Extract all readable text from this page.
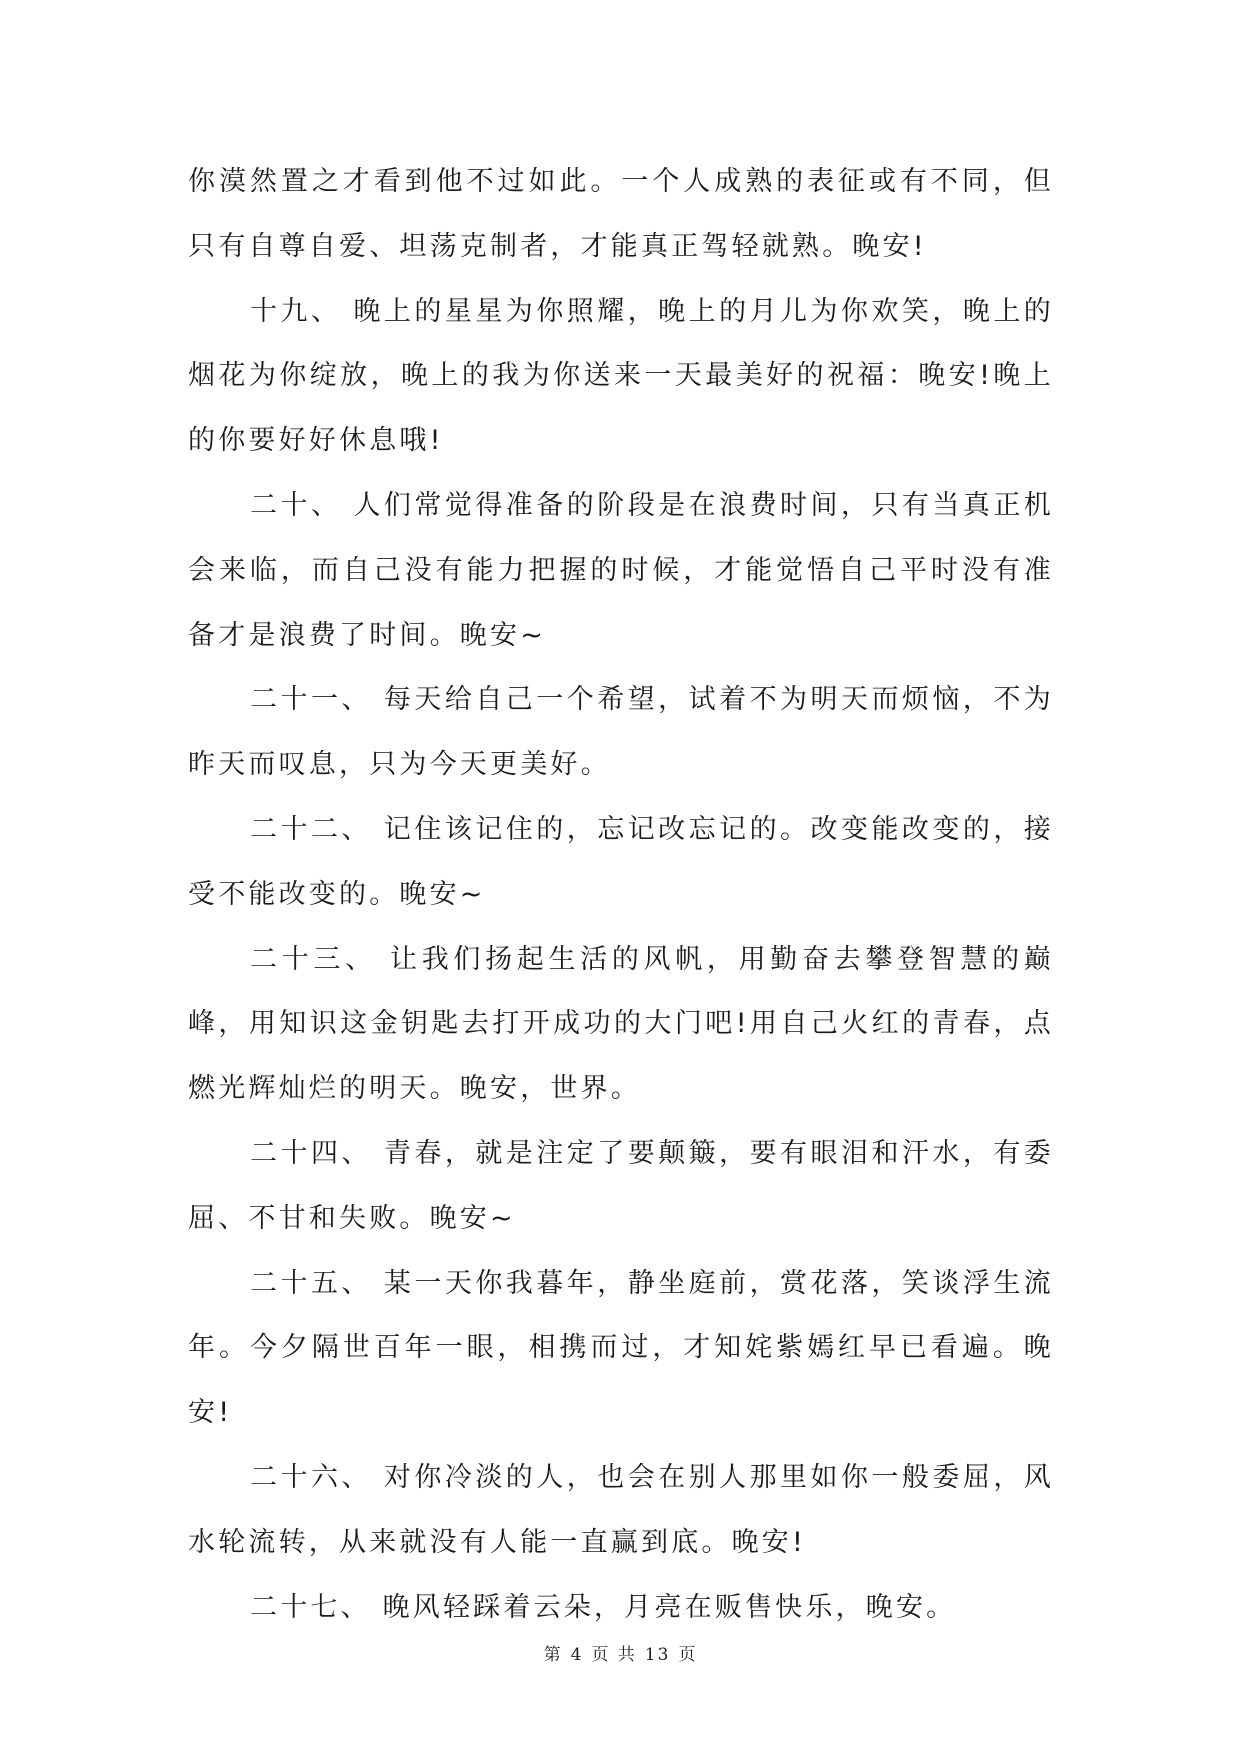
你漠然置之才看到他不过如此。一个人成熟的表征或有不同，但只有自尊自爱、坦荡克制者，才能真正驾轻就熟。晚安!

十九、 晚上的星星为你照耀，晚上的月儿为你欢笑，晚上的烟花为你绽放，晚上的我为你送来一天最美好的祝福：晚安!晚上的你要好好休息哦!

二十、 人们常觉得准备的阶段是在浪费时间，只有当真正机会来临，而自己没有能力把握的时候，才能觉悟自己平时没有准备才是浪费了时间。晚安~

二十一、 每天给自己一个希望，试着不为明天而烦恼，不为昨天而叹息，只为今天更美好。

二十二、 记住该记住的，忘记改忘记的。改变能改变的，接受不能改变的。晚安~

二十三、 让我们扬起生活的风帆，用勤奋去攀登智慧的巅峰，用知识这金钥匙去打开成功的大门吧!用自己火红的青春，点燃光辉灿烂的明天。晚安，世界。

二十四、 青春，就是注定了要颠簸，要有眼泪和汗水，有委屈、不甘和失败。晚安~

二十五、 某一天你我暮年，静坐庭前，赏花落，笑谈浮生流年。今夕隔世百年一眼，相携而过，才知姹紫嫣红早已看遍。晚安!

二十六、 对你冷淡的人，也会在别人那里如你一般委屈，风水轮流转，从来就没有人能一直赢到底。晚安!

二十七、 晚风轻踩着云朵，月亮在贩售快乐，晚安。

第 4 页 共 13 页
